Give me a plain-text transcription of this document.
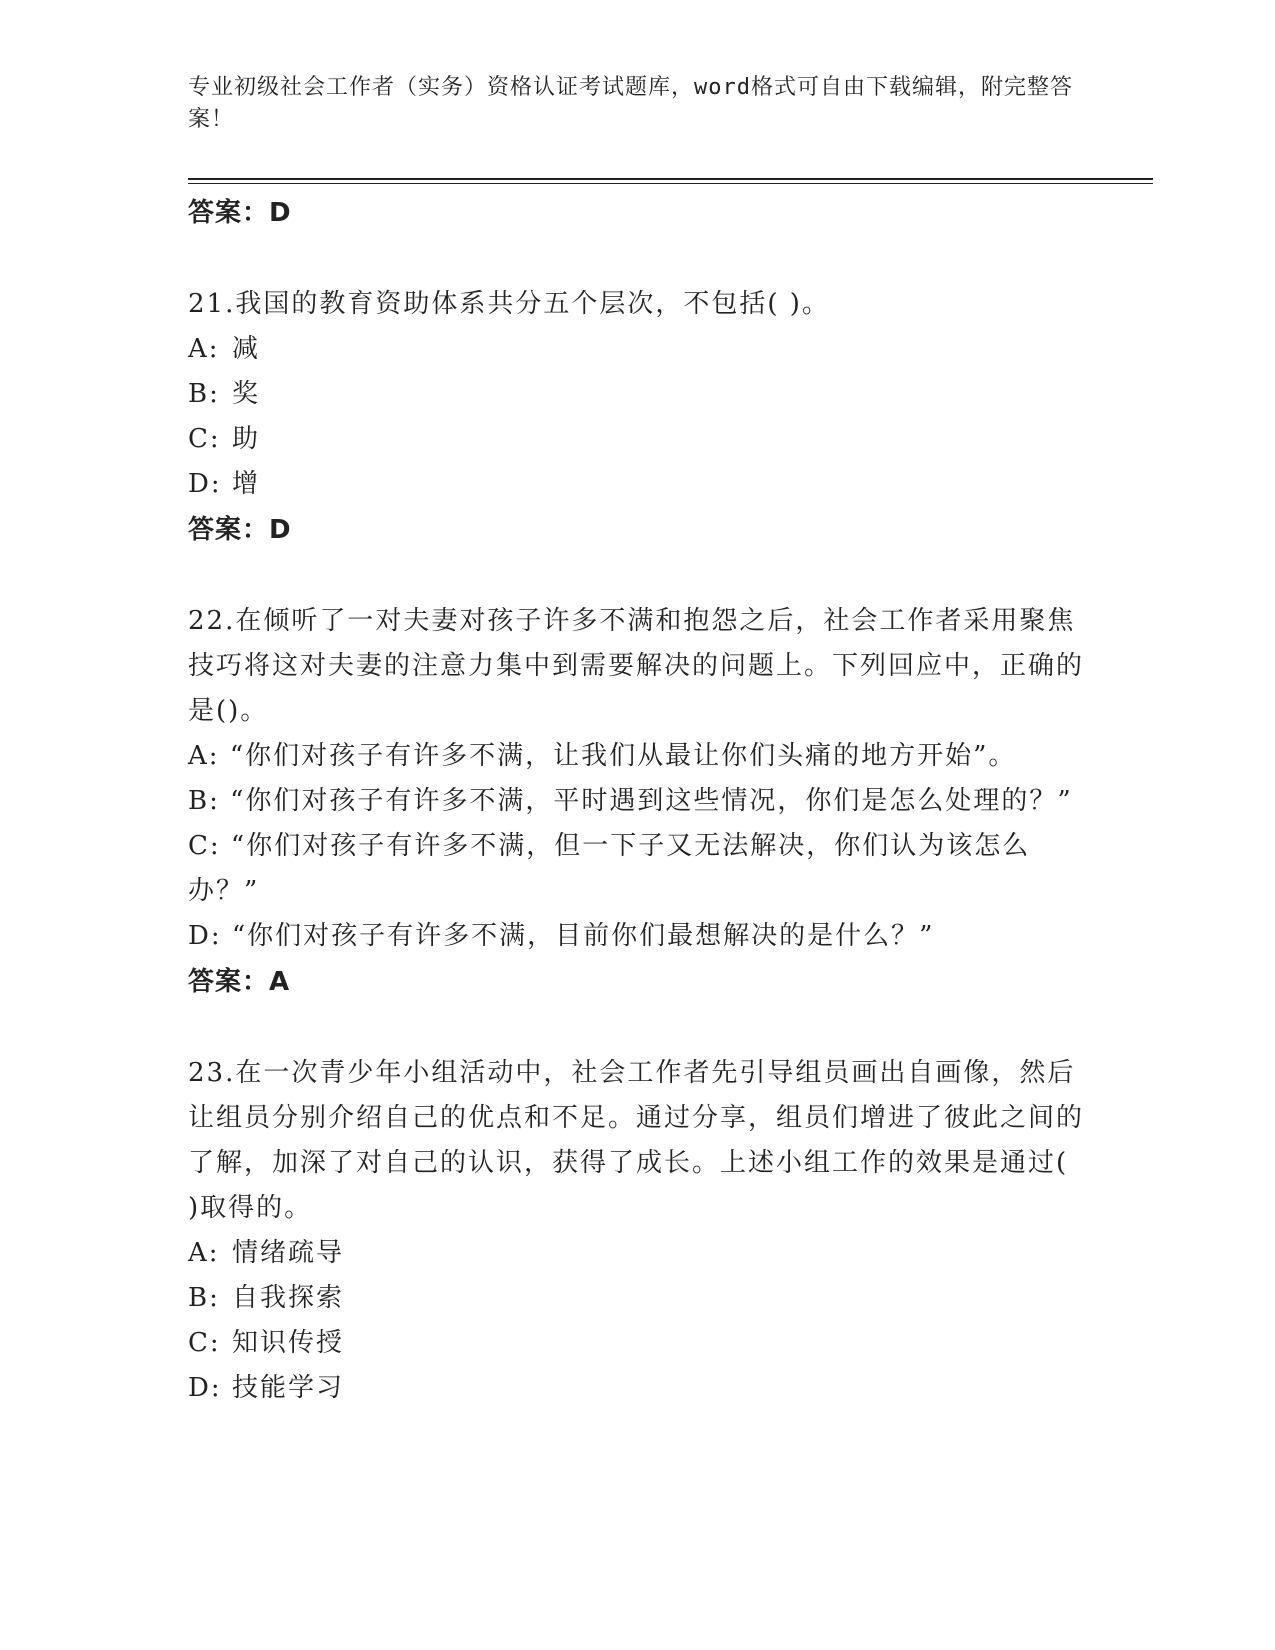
专业初级社会工作者（实务）资格认证考试题库，word格式可自由下载编辑，附完整答案！
答案：D
21.我国的教育资助体系共分五个层次，不包括( )。
A: 减
B: 奖
C: 助
D: 增
答案：D
22.在倾听了一对夫妻对孩子许多不满和抱怨之后，社会工作者采用聚焦技巧将这对夫妻的注意力集中到需要解决的问题上。下列回应中，正确的是()。
A: “你们对孩子有许多不满，让我们从最让你们头痛的地方开始”。
B: “你们对孩子有许多不满，平时遇到这些情况，你们是怎么处理的？”
C: “你们对孩子有许多不满，但一下子又无法解决，你们认为该怎么办？”
D: “你们对孩子有许多不满，目前你们最想解决的是什么？”
答案：A
23.在一次青少年小组活动中，社会工作者先引导组员画出自画像，然后让组员分别介绍自己的优点和不足。通过分享，组员们增进了彼此之间的了解，加深了对自己的认识，获得了成长。上述小组工作的效果是通过(　 )取得的。
A: 情绪疏导
B: 自我探索
C: 知识传授
D: 技能学习
